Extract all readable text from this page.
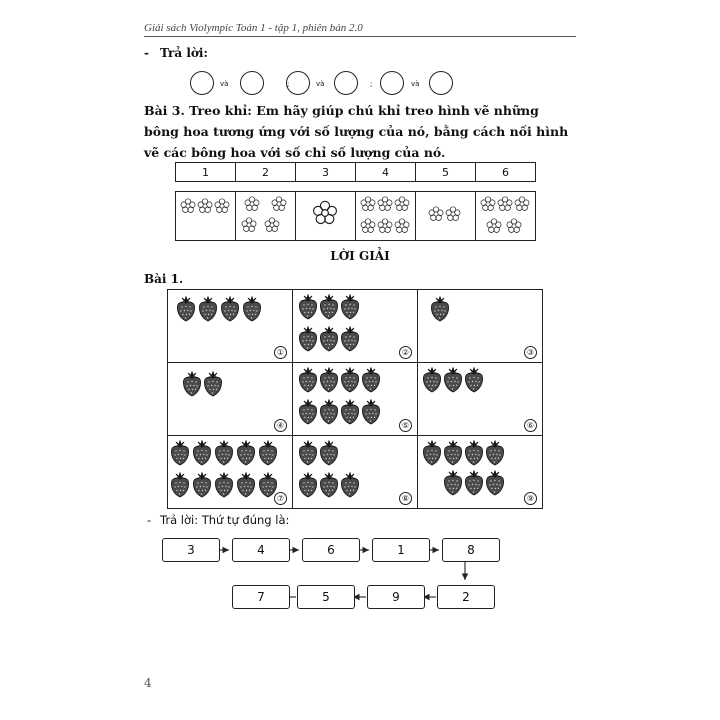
Giải sách Violympic Toán 1 - tập 1, phiên bản 2.0
- Trả lời:
và	;	và	;	và
Bài 3. Treo khỉ: Em hãy giúp chú khỉ treo hình vẽ những bông hoa tương ứng với số lượng của nó, bằng cách nối hình vẽ các bông hoa với số chỉ số lượng của nó.
1	2	3	4	5	6

LỜI GIẢI
Bài 1.
①	②	③

④	⑤	⑥

⑦	⑧	⑨
- Trả lời: Thứ tự đúng là:
3	4	6	1	8
7	5	9	2
4
